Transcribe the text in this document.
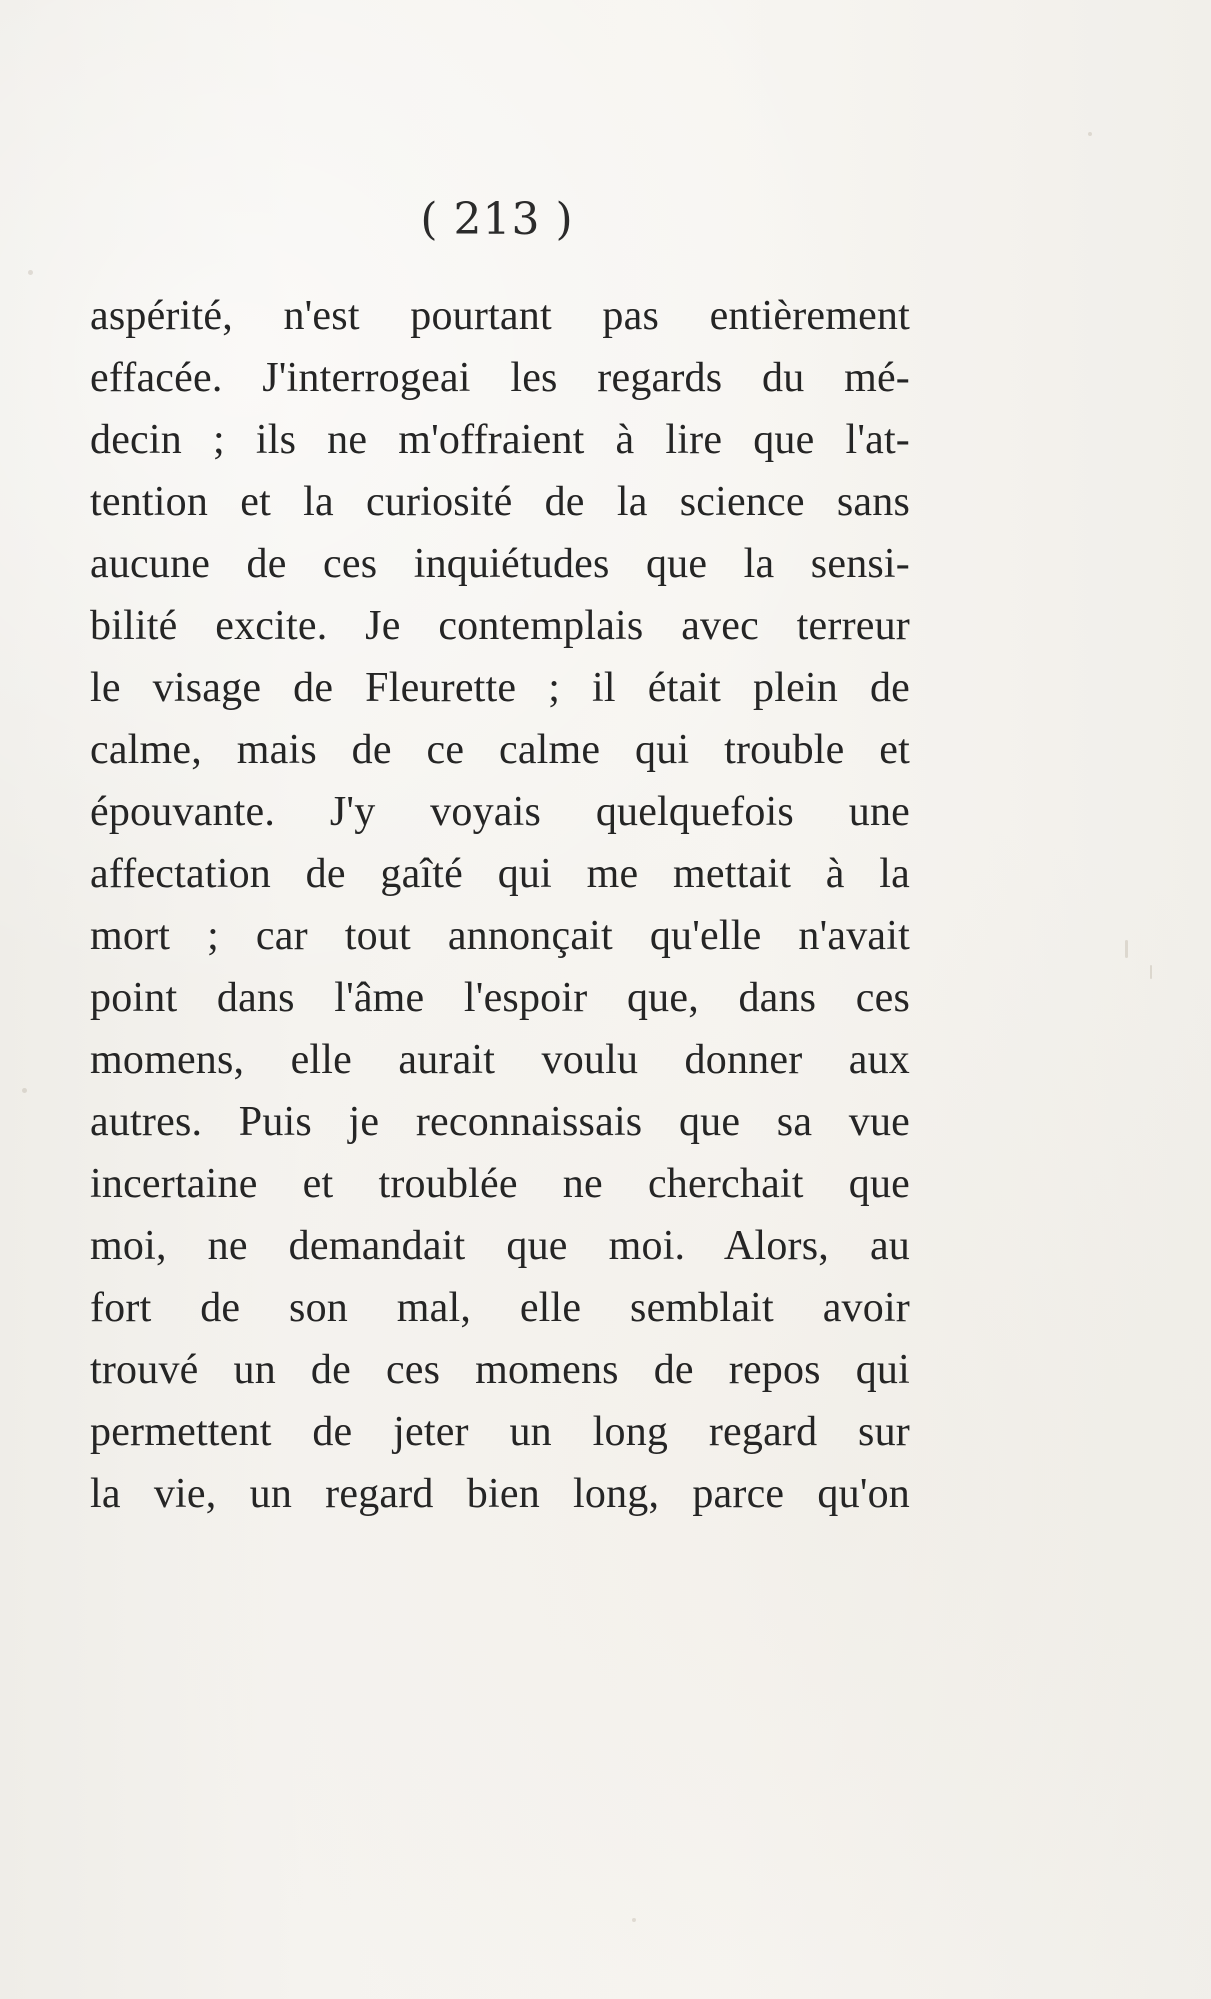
( 213 )
aspérité, n'est pourtant pas entièrement
effacée. J'interrogeai les regards du mé-
decin ; ils ne m'offraient à lire que l'at-
tention et la curiosité de la science sans
aucune de ces inquiétudes que la sensi-
bilité excite. Je contemplais avec terreur
le visage de Fleurette ; il était plein de
calme, mais de ce calme qui trouble et
épouvante. J'y voyais quelquefois une
affectation de gaîté qui me mettait à la
mort ; car tout annonçait qu'elle n'avait
point dans l'âme l'espoir que, dans ces
momens, elle aurait voulu donner aux
autres. Puis je reconnaissais que sa vue
incertaine et troublée ne cherchait que
moi, ne demandait que moi. Alors, au
fort de son mal, elle semblait avoir
trouvé un de ces momens de repos qui
permettent de jeter un long regard sur
la vie, un regard bien long, parce qu'on
